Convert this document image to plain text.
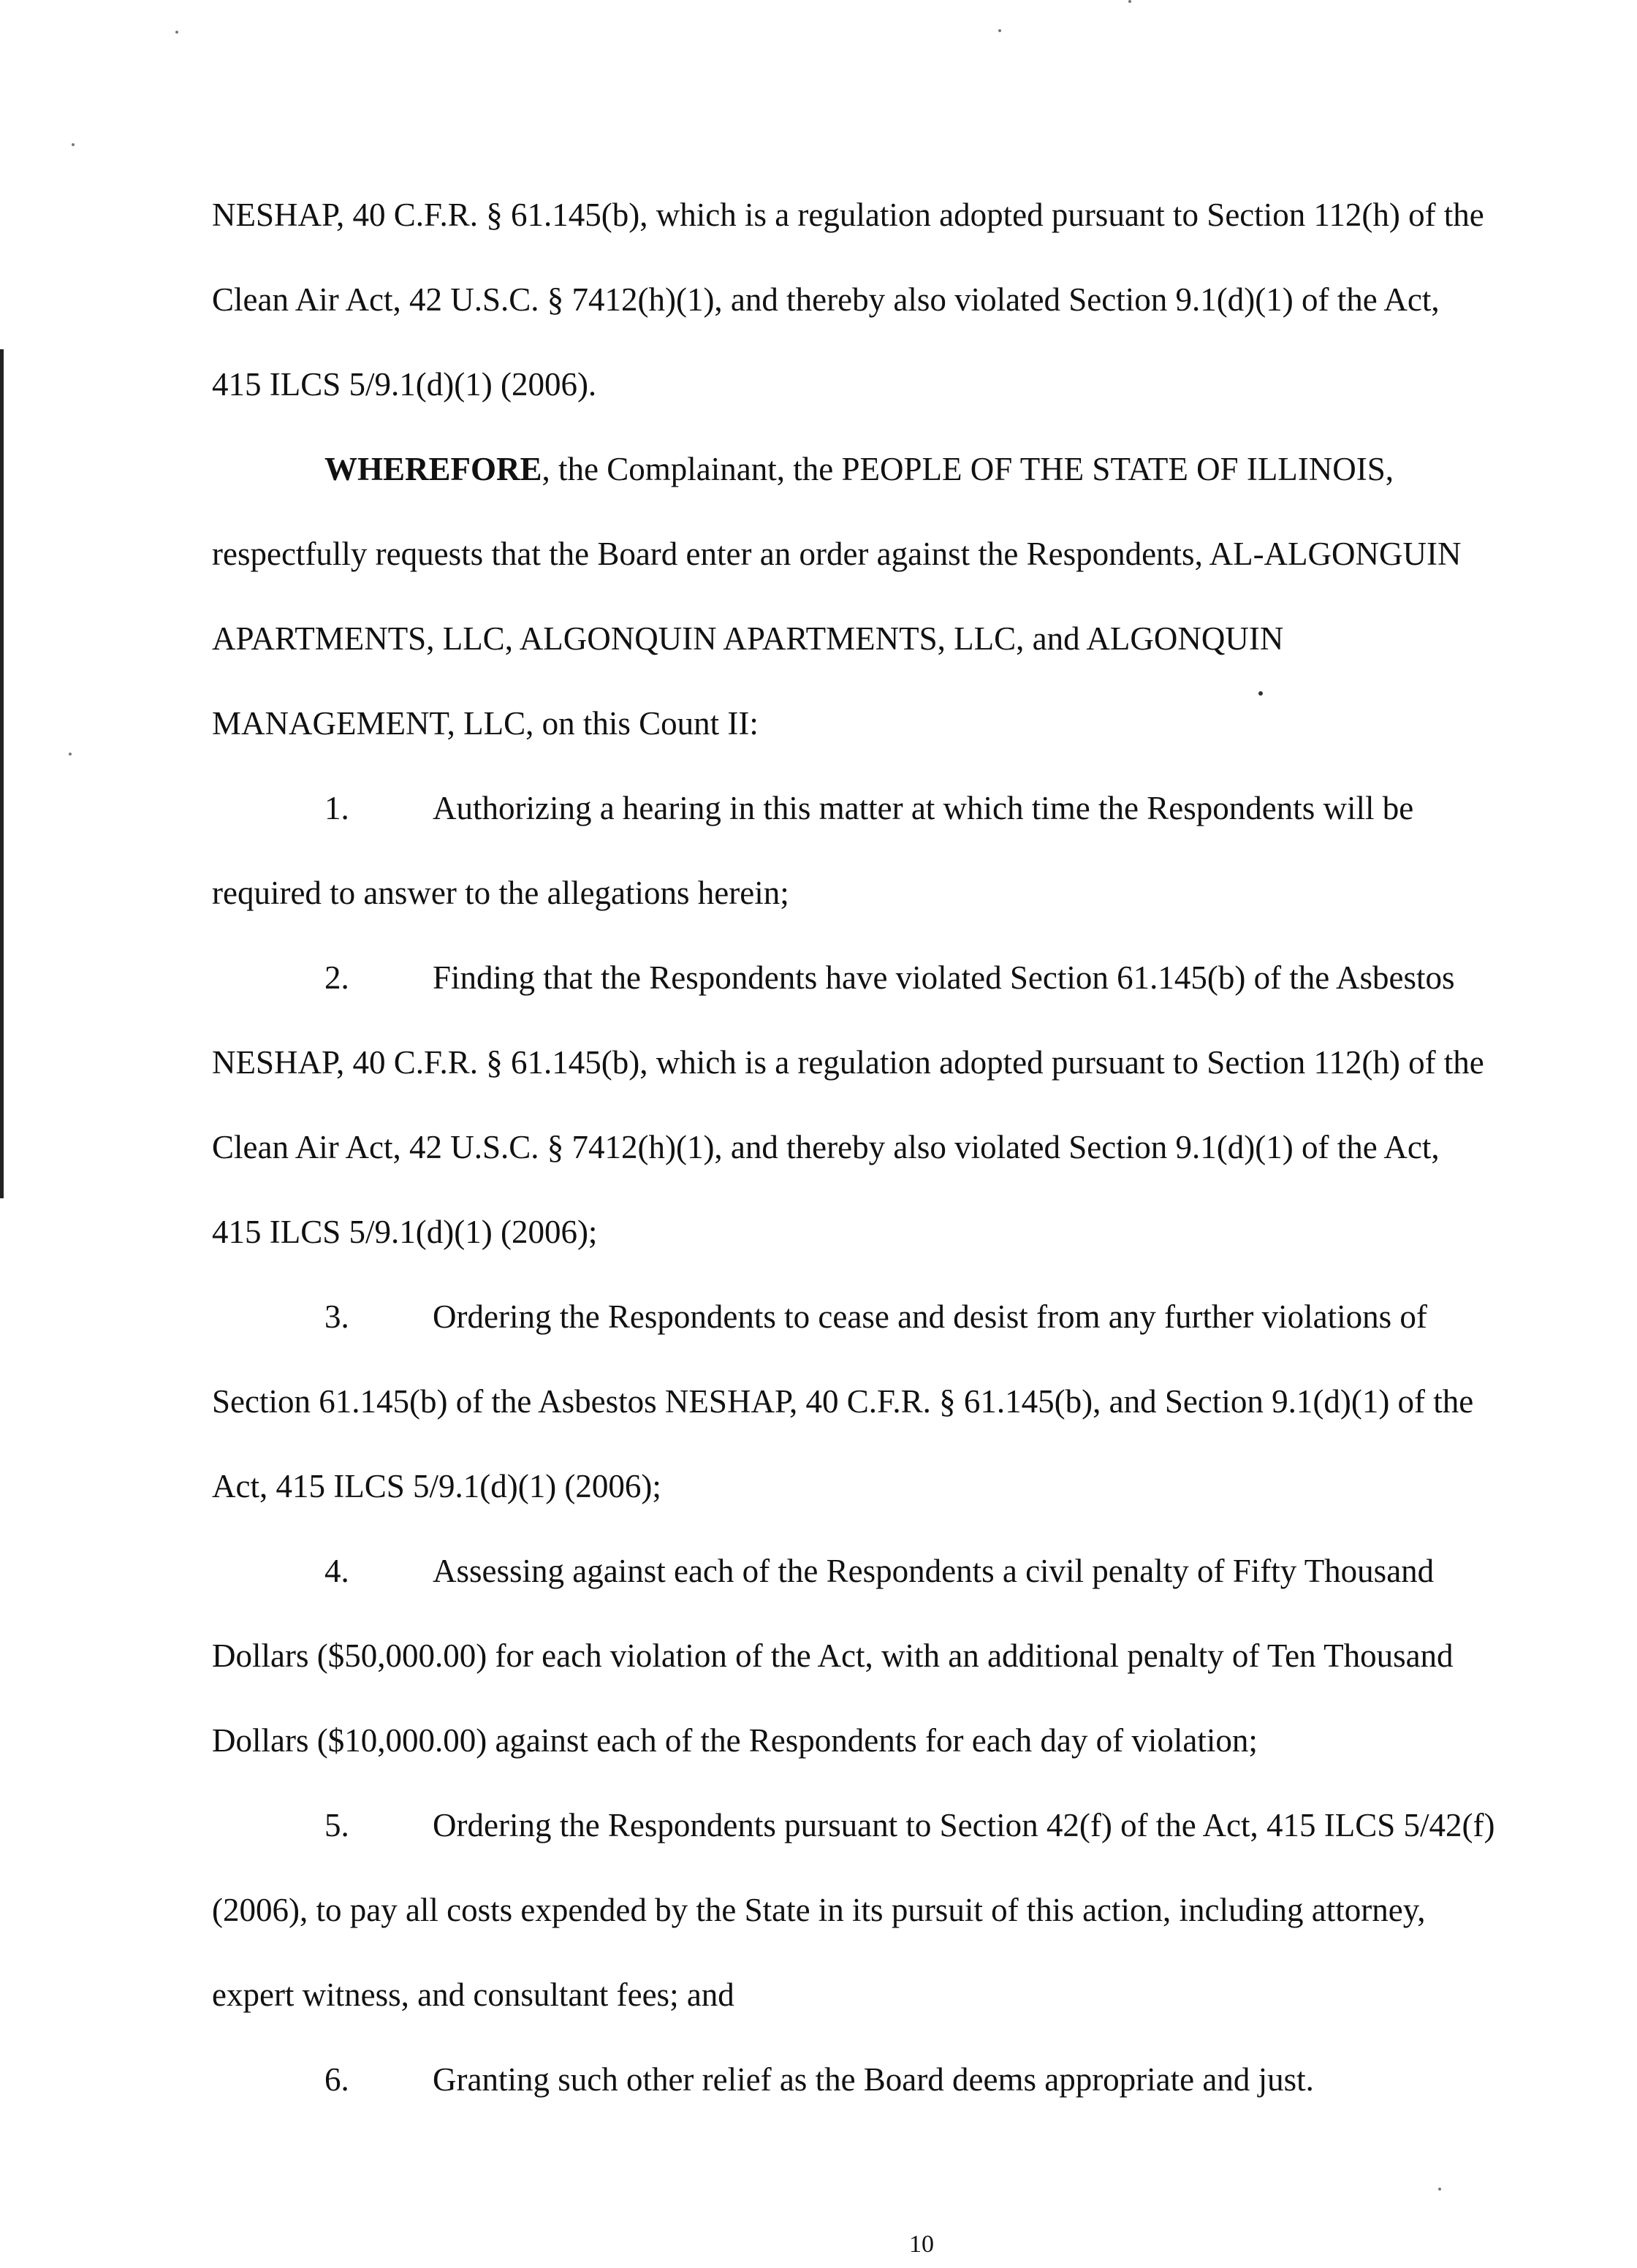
NESHAP, 40 C.F.R. § 61.145(b), which is a regulation adopted pursuant to Section 112(h) of the

Clean Air Act, 42 U.S.C. § 7412(h)(1), and thereby also violated Section 9.1(d)(1) of the Act,

415 ILCS 5/9.1(d)(1) (2006).

WHEREFORE, the Complainant, the PEOPLE OF THE STATE OF ILLINOIS,

respectfully requests that the Board enter an order against the Respondents, AL-ALGONGUIN

APARTMENTS, LLC, ALGONQUIN APARTMENTS, LLC, and ALGONQUIN

MANAGEMENT, LLC, on this Count II:

1.	Authorizing a hearing in this matter at which time the Respondents will be

required to answer to the allegations herein;

2.	Finding that the Respondents have violated Section 61.145(b) of the Asbestos

NESHAP, 40 C.F.R. § 61.145(b), which is a regulation adopted pursuant to Section 112(h) of the

Clean Air Act, 42 U.S.C. § 7412(h)(1), and thereby also violated Section 9.1(d)(1) of the Act,

415 ILCS 5/9.1(d)(1) (2006);

3.	Ordering the Respondents to cease and desist from any further violations of

Section 61.145(b) of the Asbestos NESHAP, 40 C.F.R. § 61.145(b), and Section 9.1(d)(1) of the

Act, 415 ILCS 5/9.1(d)(1) (2006);

4.	Assessing against each of the Respondents a civil penalty of Fifty Thousand

Dollars ($50,000.00) for each violation of the Act, with an additional penalty of Ten Thousand

Dollars ($10,000.00) against each of the Respondents for each day of violation;

5.	Ordering the Respondents pursuant to Section 42(f) of the Act, 415 ILCS 5/42(f)

(2006), to pay all costs expended by the State in its pursuit of this action, including attorney,

expert witness, and consultant fees; and

6.	Granting such other relief as the Board deems appropriate and just.

10
